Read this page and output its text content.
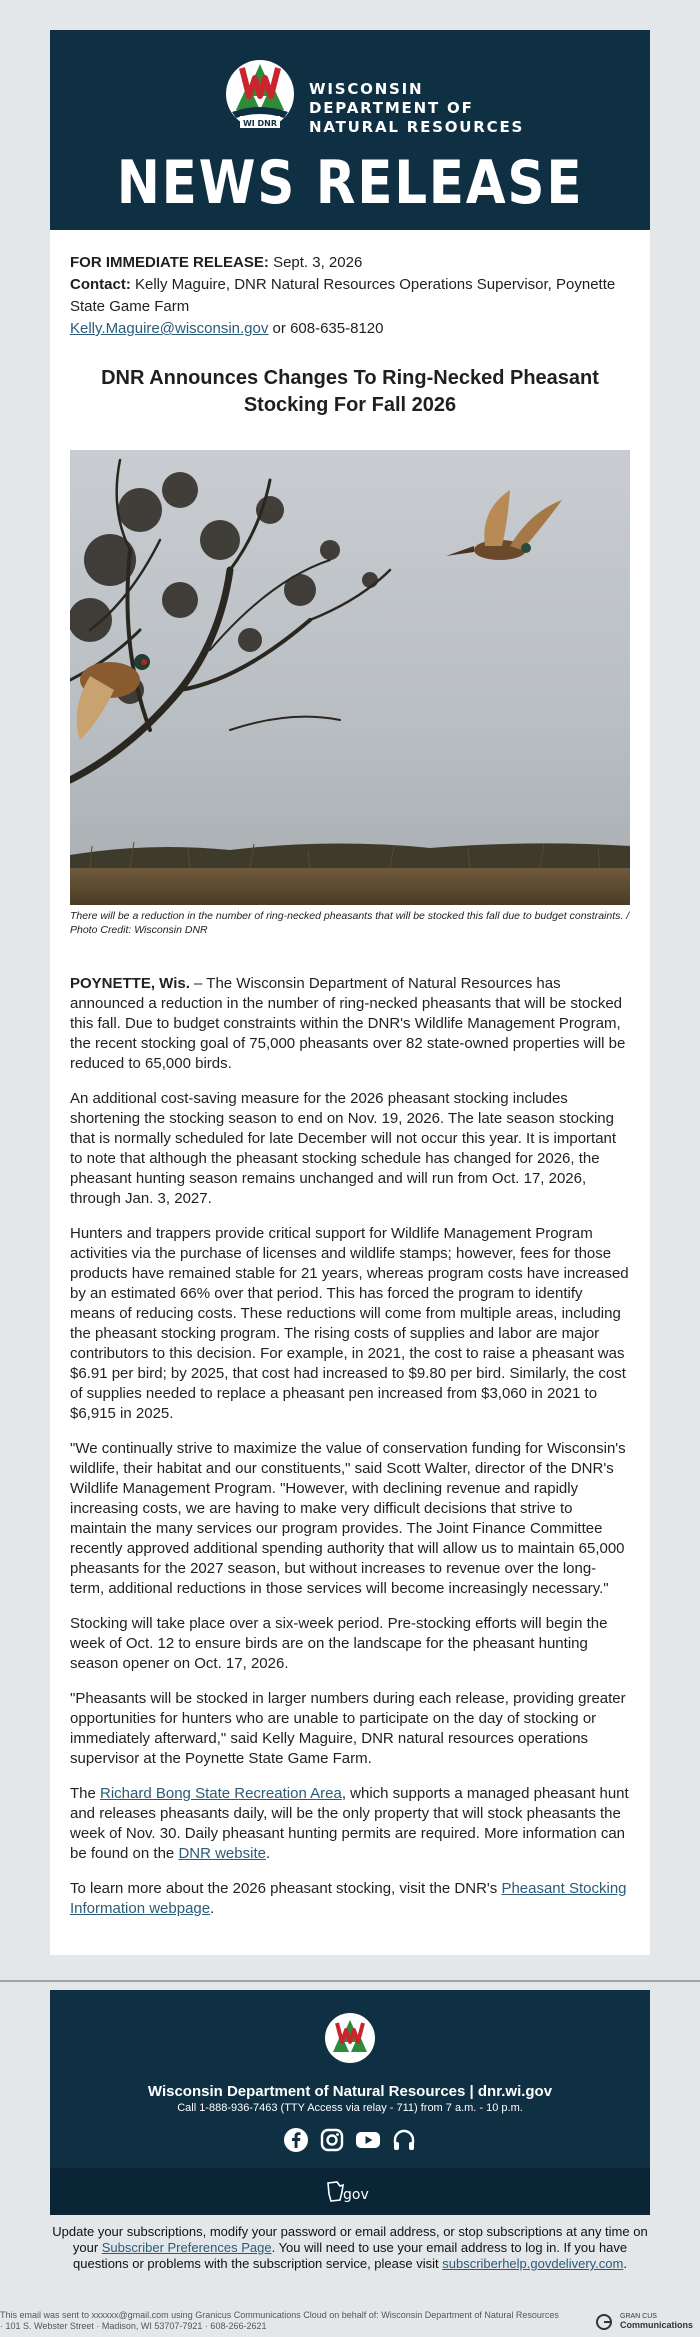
WI DNR
WISCONSIN
DEPARTMENT OF
NATURAL RESOURCES
NEWS RELEASE
FOR IMMEDIATE RELEASE: Sept. 3, 2026
Contact: Kelly Maguire, DNR Natural Resources Operations Supervisor, Poynette State Game Farm
Kelly.Maguire@wisconsin.gov or 608-635-8120
DNR Announces Changes To Ring-Necked Pheasant Stocking For Fall 2026
There will be a reduction in the number of ring-necked pheasants that will be stocked this fall due to budget constraints. / Photo Credit: Wisconsin DNR

POYNETTE, Wis. – The Wisconsin Department of Natural Resources has announced a reduction in the number of ring-necked pheasants that will be stocked this fall. Due to budget constraints within the DNR's Wildlife Management Program, the recent stocking goal of 75,000 pheasants over 82 state-owned properties will be reduced to 65,000 birds.

An additional cost-saving measure for the 2026 pheasant stocking includes shortening the stocking season to end on Nov. 19, 2026. The late season stocking that is normally scheduled for late December will not occur this year. It is important to note that although the pheasant stocking schedule has changed for 2026, the pheasant hunting season remains unchanged and will run from Oct. 17, 2026, through Jan. 3, 2027.

Hunters and trappers provide critical support for Wildlife Management Program activities via the purchase of licenses and wildlife stamps; however, fees for those products have remained stable for 21 years, whereas program costs have increased by an estimated 66% over that period. This has forced the program to identify means of reducing costs. These reductions will come from multiple areas, including the pheasant stocking program. The rising costs of supplies and labor are major contributors to this decision. For example, in 2021, the cost to raise a pheasant was $6.91 per bird; by 2025, that cost had increased to $9.80 per bird. Similarly, the cost of supplies needed to replace a pheasant pen increased from $3,060 in 2021 to $6,915 in 2025.

"We continually strive to maximize the value of conservation funding for Wisconsin's wildlife, their habitat and our constituents," said Scott Walter, director of the DNR's Wildlife Management Program. "However, with declining revenue and rapidly increasing costs, we are having to make very difficult decisions that strive to maintain the many services our program provides. The Joint Finance Committee recently approved additional spending authority that will allow us to maintain 65,000 pheasants for the 2027 season, but without increases to revenue over the long-term, additional reductions in those services will become increasingly necessary."

Stocking will take place over a six-week period. Pre-stocking efforts will begin the week of Oct. 12 to ensure birds are on the landscape for the pheasant hunting season opener on Oct. 17, 2026.

"Pheasants will be stocked in larger numbers during each release, providing greater opportunities for hunters who are unable to participate on the day of stocking or immediately afterward," said Kelly Maguire, DNR natural resources operations supervisor at the Poynette State Game Farm.

The Richard Bong State Recreation Area, which supports a managed pheasant hunt and releases pheasants daily, will be the only property that will stock pheasants the week of Nov. 30. Daily pheasant hunting permits are required. More information can be found on the DNR website.

To learn more about the 2026 pheasant stocking, visit the DNR's Pheasant Stocking Information webpage.

Wisconsin Department of Natural Resources | dnr.wi.gov
Call 1-888-936-7463 (TTY Access via relay - 711) from 7 a.m. - 10 p.m.
gov
Update your subscriptions, modify your password or email address, or stop subscriptions at any time on your Subscriber Preferences Page. You will need to use your email address to log in. If you have questions or problems with the subscription service, please visit subscriberhelp.govdelivery.com.
This email was sent to xxxxxx@gmail.com using Granicus Communications Cloud on behalf of: Wisconsin Department of Natural Resources · 101 S. Webster Street · Madison, WI 53707-7921 · 608-266-2621
GRAN CUS
Communications
